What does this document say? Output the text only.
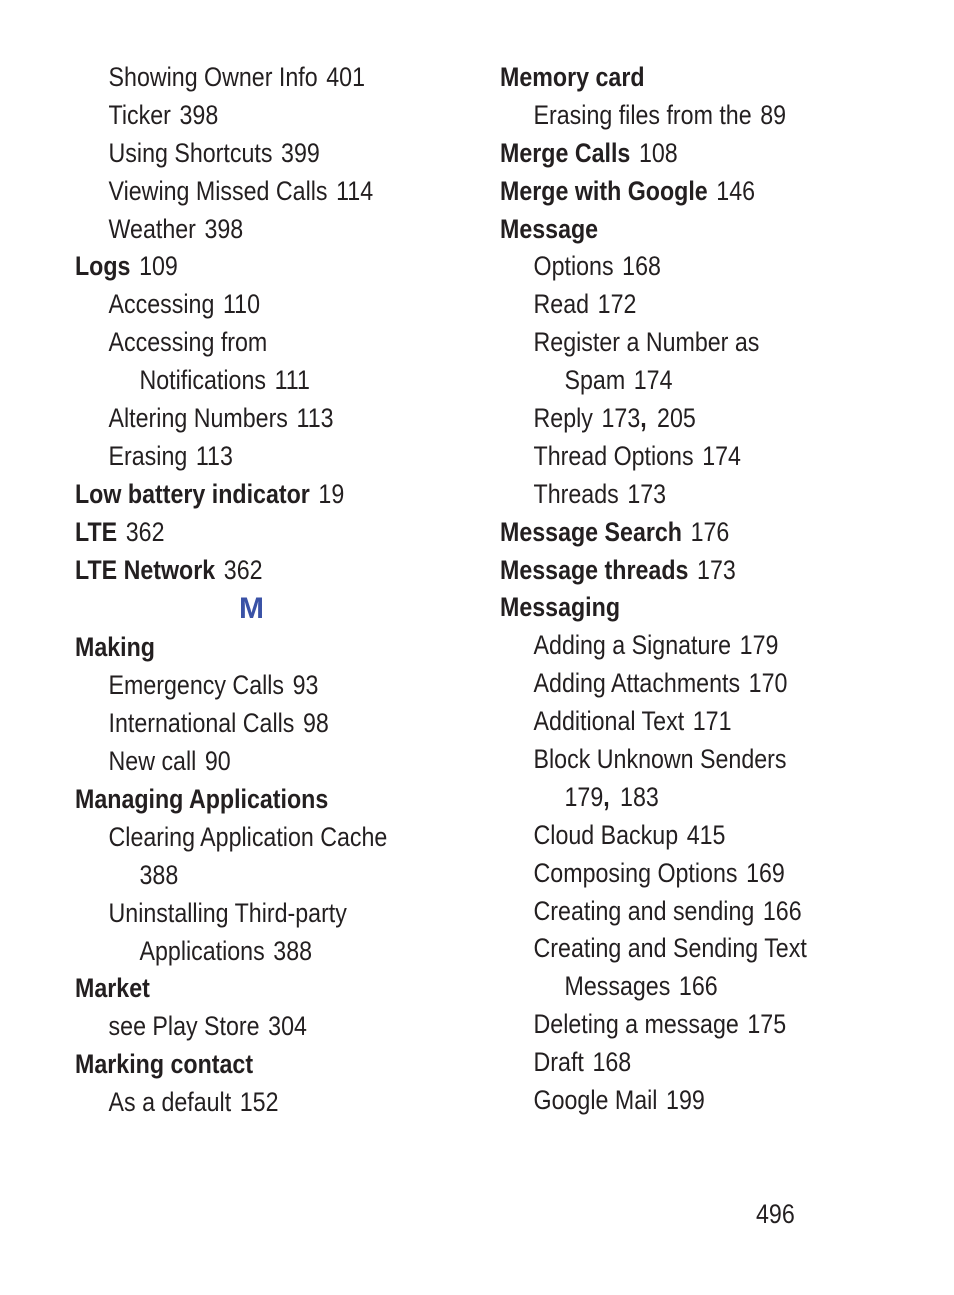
Showing Owner Info 401
Ticker 398
Using Shortcuts 399
Viewing Missed Calls 114
Weather 398
Logs 109
Accessing 110
Accessing from
Notifications 111
Altering Numbers 113
Erasing 113
Low battery indicator 19
LTE 362
LTE Network 362
M
Making
Emergency Calls 93
International Calls 98
New call 90
Managing Applications
Clearing Application Cache
388
Uninstalling Third-party
Applications 388
Market
see Play Store 304
Marking contact
As a default 152
Memory card
Erasing files from the 89
Merge Calls 108
Merge with Google 146
Message
Options 168
Read 172
Register a Number as
Spam 174
Reply 173, 205
Thread Options 174
Threads 173
Message Search 176
Message threads 173
Messaging
Adding a Signature 179
Adding Attachments 170
Additional Text 171
Block Unknown Senders
179, 183
Cloud Backup 415
Composing Options 169
Creating and sending 166
Creating and Sending Text
Messages 166
Deleting a message 175
Draft 168
Google Mail 199
496
